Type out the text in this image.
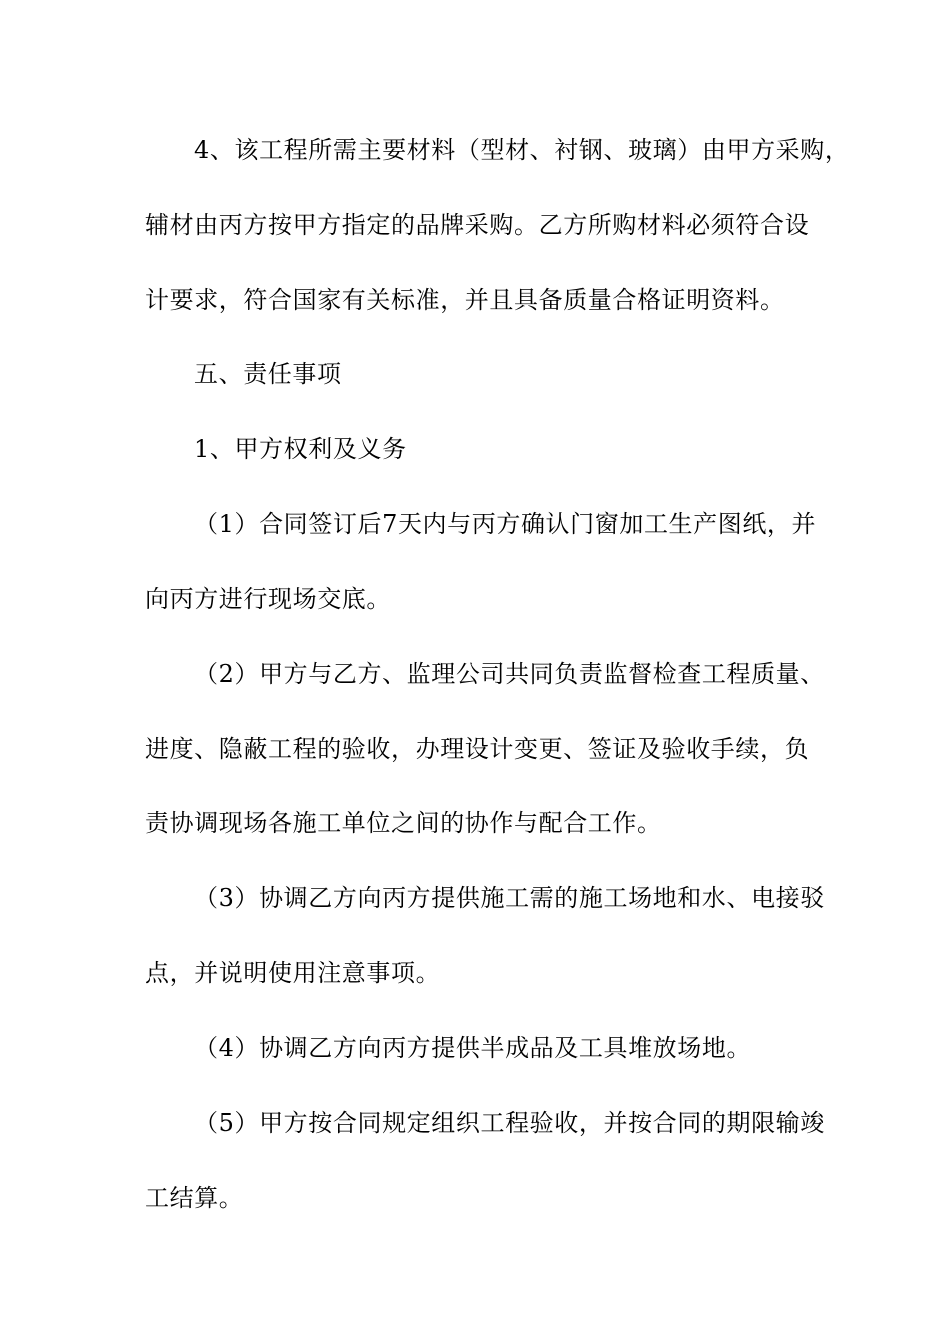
4、该工程所需主要材料（型材、衬钢、玻璃）由甲方采购，
辅材由丙方按甲方指定的品牌采购。乙方所购材料必须符合设
计要求，符合国家有关标准，并且具备质量合格证明资料。
五、责任事项
1、甲方权利及义务
（1）合同签订后7天内与丙方确认门窗加工生产图纸，并
向丙方进行现场交底。
（2）甲方与乙方、监理公司共同负责监督检查工程质量、
进度、隐蔽工程的验收，办理设计变更、签证及验收手续，负
责协调现场各施工单位之间的协作与配合工作。
（3）协调乙方向丙方提供施工需的施工场地和水、电接驳
点，并说明使用注意事项。
（4）协调乙方向丙方提供半成品及工具堆放场地。
（5）甲方按合同规定组织工程验收，并按合同的期限输竣
工结算。
